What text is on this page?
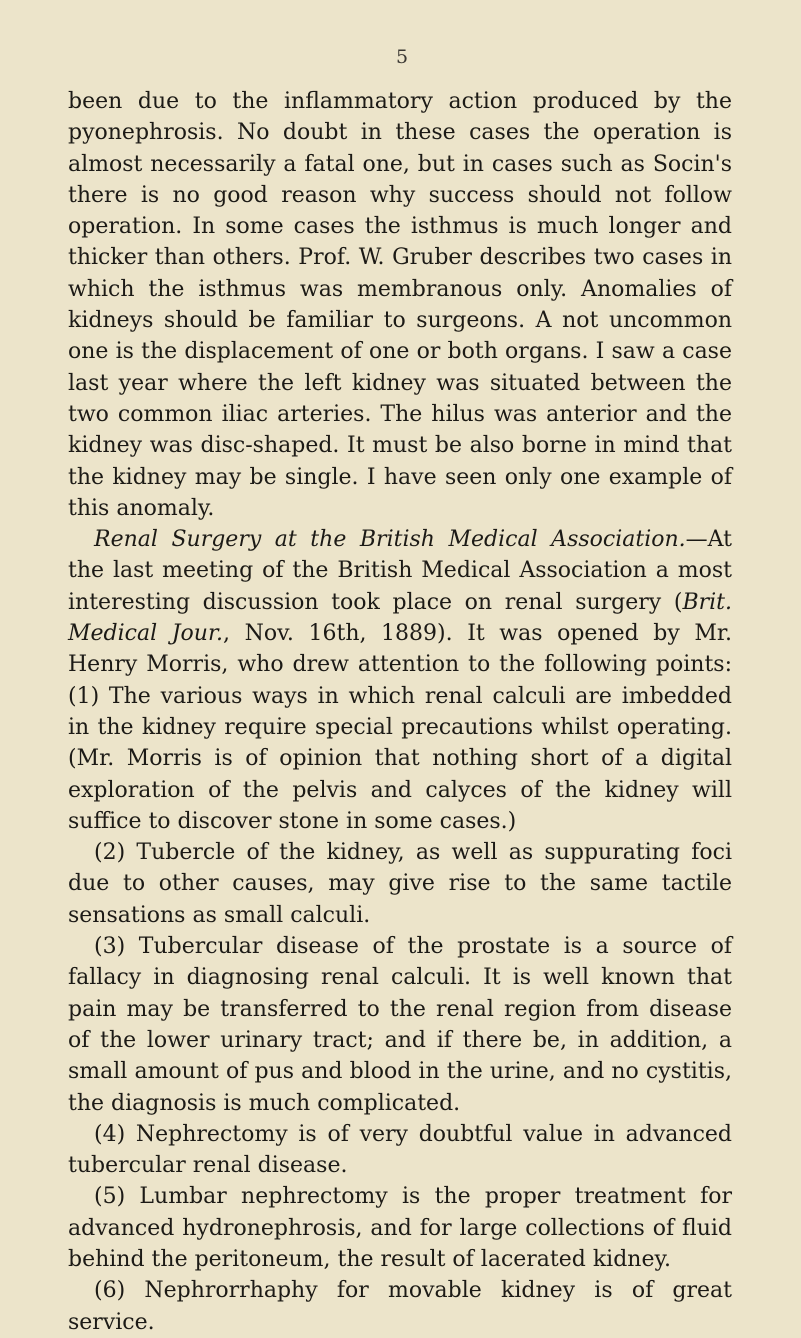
5

been due to the inflammatory action produced by the pyonephrosis. No doubt in these cases the operation is almost necessarily a fatal one, but in cases such as Socin's there is no good reason why success should not follow operation. In some cases the isthmus is much longer and thicker than others. Prof. W. Gruber describes two cases in which the isthmus was membranous only. Anomalies of kidneys should be familiar to surgeons. A not uncommon one is the displacement of one or both organs. I saw a case last year where the left kidney was situated between the two common iliac arteries. The hilus was anterior and the kidney was disc-shaped. It must be also borne in mind that the kidney may be single. I have seen only one example of this anomaly.

Renal Surgery at the British Medical Association.—At the last meeting of the British Medical Association a most interesting discussion took place on renal surgery (Brit. Medical Jour., Nov. 16th, 1889). It was opened by Mr. Henry Morris, who drew attention to the following points: (1) The various ways in which renal calculi are imbedded in the kidney require special precautions whilst operating. (Mr. Morris is of opinion that nothing short of a digital exploration of the pelvis and calyces of the kidney will suffice to discover stone in some cases.)

(2) Tubercle of the kidney, as well as suppurating foci due to other causes, may give rise to the same tactile sensations as small calculi.

(3) Tubercular disease of the prostate is a source of fallacy in diagnosing renal calculi. It is well known that pain may be transferred to the renal region from disease of the lower urinary tract; and if there be, in addition, a small amount of pus and blood in the urine, and no cystitis, the diagnosis is much complicated.

(4) Nephrectomy is of very doubtful value in advanced tubercular renal disease.

(5) Lumbar nephrectomy is the proper treatment for advanced hydronephrosis, and for large collections of fluid behind the peritoneum, the result of lacerated kidney.

(6) Nephrorrhaphy for movable kidney is of great service.
